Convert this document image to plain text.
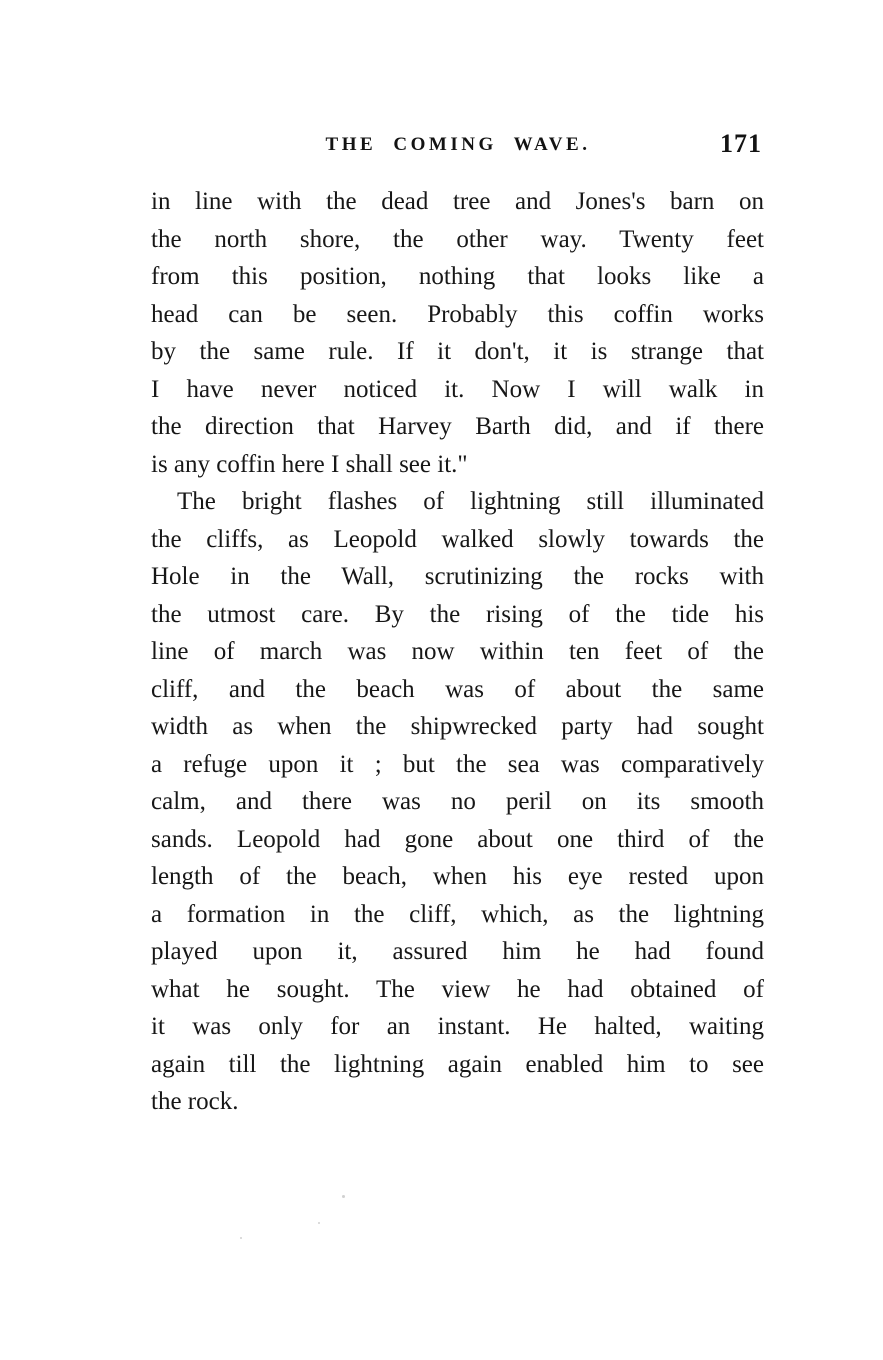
THE COMING WAVE.	171
in line with the dead tree and Jones's barn on
the north shore, the other way. Twenty feet
from this position, nothing that looks like a
head can be seen. Probably this coffin works
by the same rule. If it don't, it is strange that
I have never noticed it. Now I will walk in
the direction that Harvey Barth did, and if there
is any coffin here I shall see it."
The bright flashes of lightning still illuminated
the cliffs, as Leopold walked slowly towards the
Hole in the Wall, scrutinizing the rocks with
the utmost care. By the rising of the tide his
line of march was now within ten feet of the
cliff, and the beach was of about the same
width as when the shipwrecked party had sought
a refuge upon it ; but the sea was comparatively
calm, and there was no peril on its smooth
sands. Leopold had gone about one third of the
length of the beach, when his eye rested upon
a formation in the cliff, which, as the lightning
played upon it, assured him he had found
what he sought. The view he had obtained of
it was only for an instant. He halted, waiting
again till the lightning again enabled him to see
the rock.
